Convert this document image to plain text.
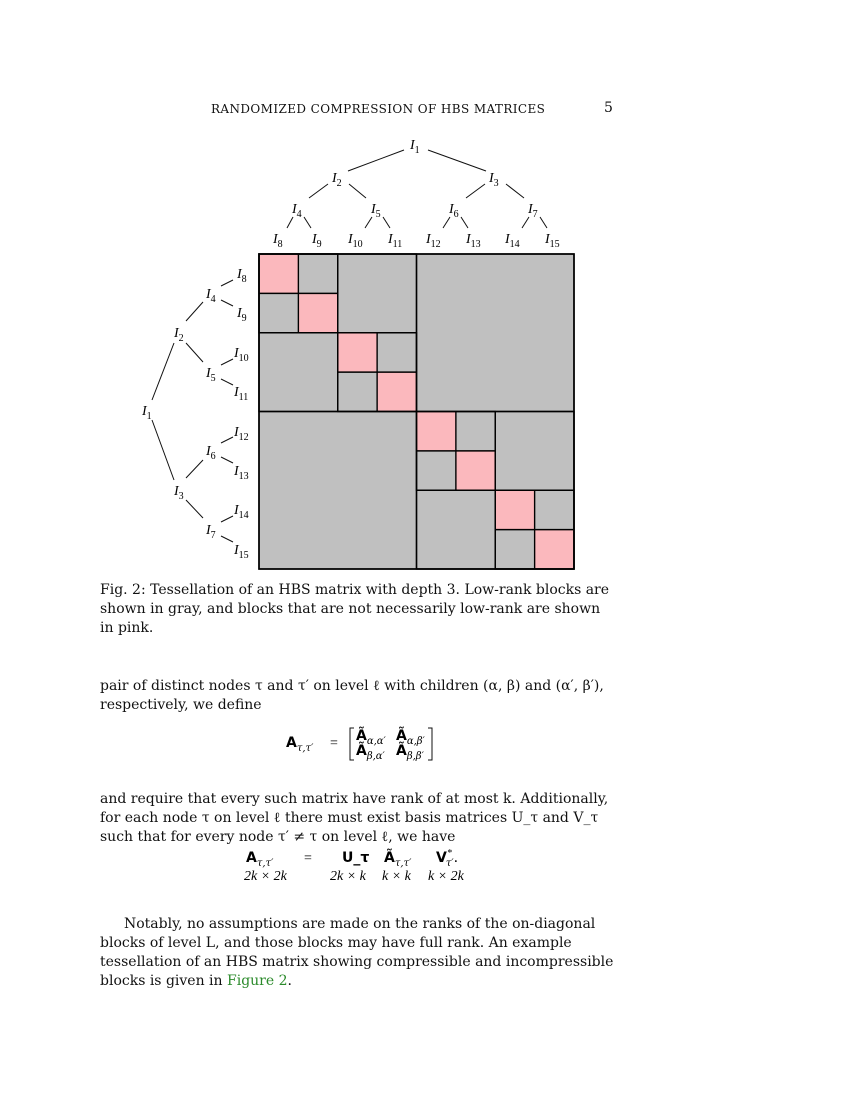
RANDOMIZED COMPRESSION OF HBS MATRICES	5
$I_1$
$I_2$	$I_3$
$I_4$	$I_5$	$I_6$	$I_7$
$I_8$ $I_9$ $I_{10}$ $I_{11}$ $I_{12}$ $I_{13}$ $I_{14}$ $I_{15}$
$I_1$
$I_2$
$I_3$
$I_4$
$I_5$
$I_6$
$I_7$
$I_8$
$I_9$
$I_{10}$
$I_{11}$
$I_{12}$
$I_{13}$
$I_{14}$
$I_{15}$
Fig. 2: Tessellation of an HBS matrix with depth 3. Low-rank blocks are shown in gray, and blocks that are not necessarily low-rank are shown in pink.
pair of distinct nodes τ and τ′ on level ℓ with children (α, β) and (α′, β′), respectively, we define
$A_{\tau,\tau'}$ = $Ã_{\alpha,\alpha'}$ $Ã_{\alpha,\beta'}$
$Ã_{\beta,\alpha'}$ $Ã_{\beta,\beta'}$
and require that every such matrix have rank of at most k. Additionally, for each node τ on level ℓ there must exist basis matrices U_τ and V_τ such that for every node τ′ ≠ τ on level ℓ, we have
$A_{\tau,\tau'}$
2k × 2k
= U_τ
2k × k
$Ã_{\tau,\tau'}$
k × k
V* τ′.
k × 2k
Notably, no assumptions are made on the ranks of the on-diagonal blocks of level L, and those blocks may have full rank. An example tessellation of an HBS matrix showing compressible and incompressible blocks is given in Figure 2.
